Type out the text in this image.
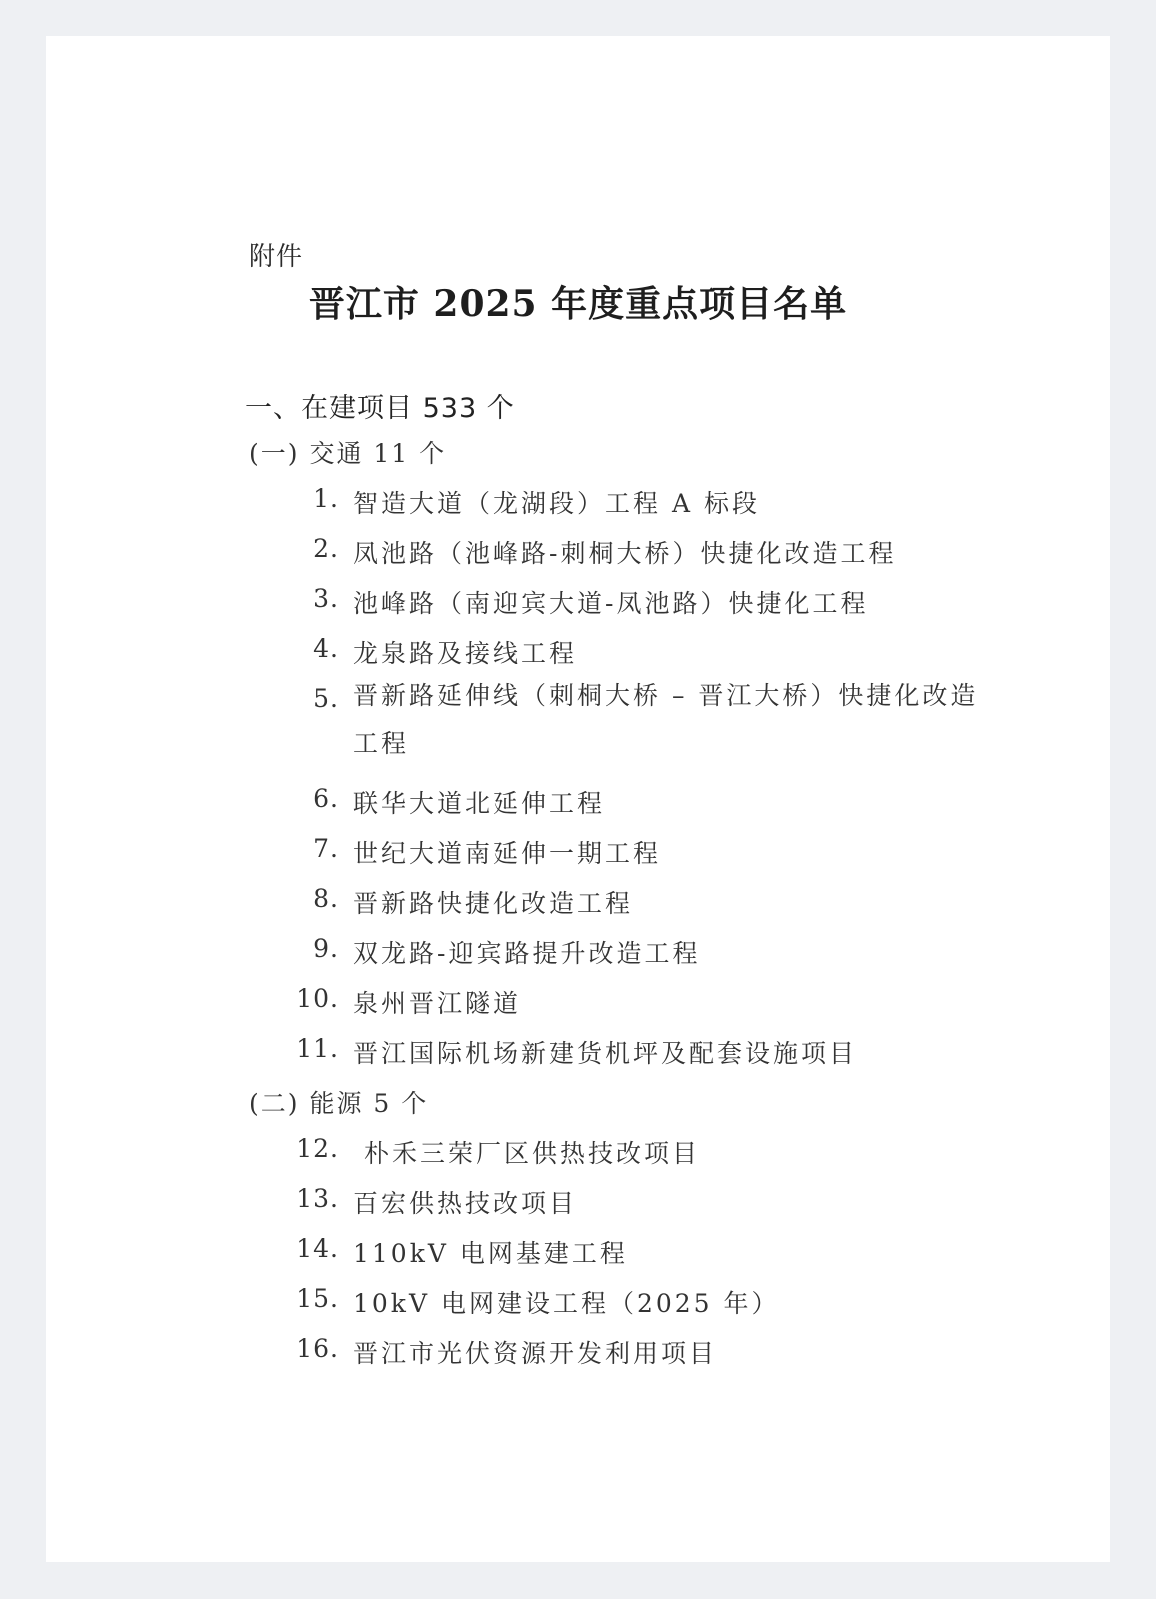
附件
晋江市 2025 年度重点项目名单
一、在建项目 533 个
(一) 交通 11 个
1. 智造大道（龙湖段）工程 A 标段
2. 凤池路（池峰路-刺桐大桥）快捷化改造工程
3. 池峰路（南迎宾大道-凤池路）快捷化工程
4. 龙泉路及接线工程
5. 晋新路延伸线（刺桐大桥 – 晋江大桥）快捷化改造工程
6. 联华大道北延伸工程
7. 世纪大道南延伸一期工程
8. 晋新路快捷化改造工程
9. 双龙路-迎宾路提升改造工程
10. 泉州晋江隧道
11. 晋江国际机场新建货机坪及配套设施项目
(二) 能源 5 个
12. 朴禾三荣厂区供热技改项目
13. 百宏供热技改项目
14. 110kV 电网基建工程
15. 10kV 电网建设工程（2025 年）
16. 晋江市光伏资源开发利用项目
